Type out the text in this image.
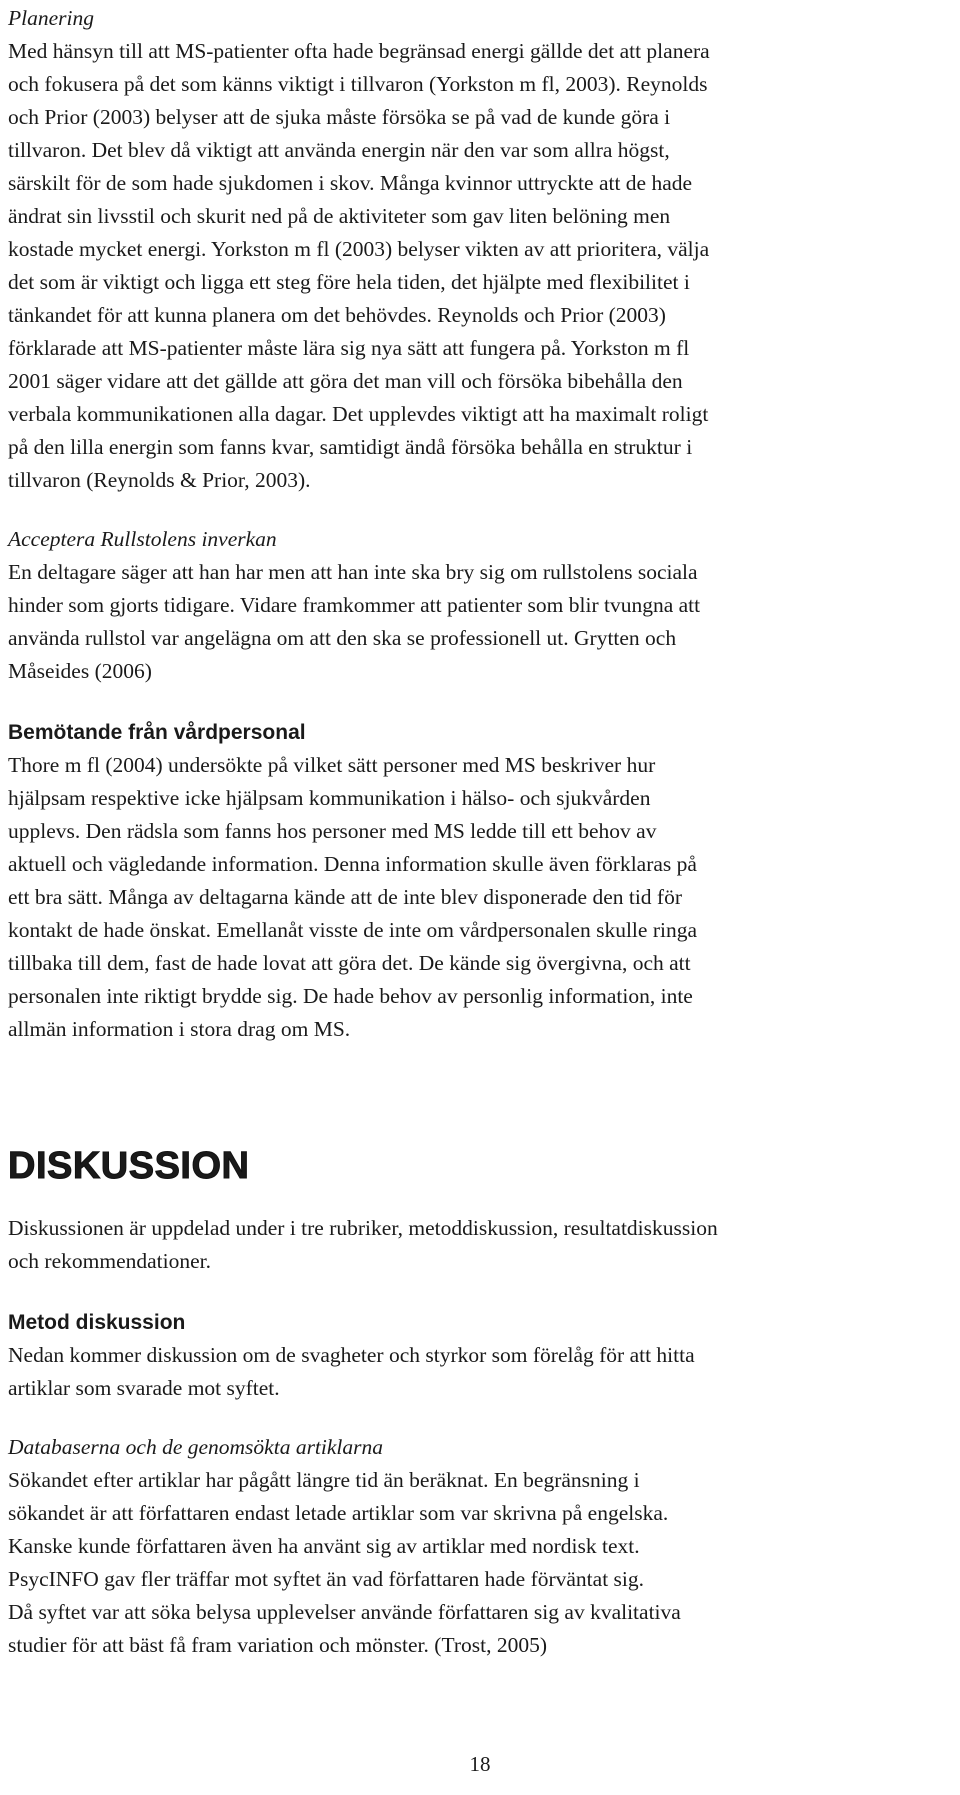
Planering

Med hänsyn till att MS-patienter ofta hade begränsad energi gällde det att planera
och fokusera på det som känns viktigt i tillvaron (Yorkston m fl, 2003). Reynolds
och Prior (2003) belyser att de sjuka måste försöka se på vad de kunde göra i
tillvaron. Det blev då viktigt att använda energin när den var som allra högst,
särskilt för de som hade sjukdomen i skov. Många kvinnor uttryckte att de hade
ändrat sin livsstil och skurit ned på de aktiviteter som gav liten belöning men
kostade mycket energi. Yorkston m fl (2003) belyser vikten av att prioritera, välja
det som är viktigt och ligga ett steg före hela tiden, det hjälpte med flexibilitet i
tänkandet för att kunna planera om det behövdes. Reynolds och Prior (2003)
förklarade att MS-patienter måste lära sig nya sätt att fungera på. Yorkston m fl
2001 säger vidare att det gällde att göra det man vill och försöka bibehålla den
verbala kommunikationen alla dagar. Det upplevdes viktigt att ha maximalt roligt
på den lilla energin som fanns kvar, samtidigt ändå försöka behålla en struktur i
tillvaron (Reynolds & Prior, 2003).

Acceptera Rullstolens inverkan

En deltagare säger att han har men att han inte ska bry sig om rullstolens sociala
hinder som gjorts tidigare. Vidare framkommer att patienter som blir tvungna att
använda rullstol var angelägna om att den ska se professionell ut. Grytten och
Måseides (2006)

Bemötande från vårdpersonal

Thore m fl (2004) undersökte på vilket sätt personer med MS beskriver hur
hjälpsam respektive icke hjälpsam kommunikation i hälso- och sjukvården
upplevs. Den rädsla som fanns hos personer med MS ledde till ett behov av
aktuell och vägledande information. Denna information skulle även förklaras på
ett bra sätt. Många av deltagarna kände att de inte blev disponerade den tid för
kontakt de hade önskat. Emellanåt visste de inte om vårdpersonalen skulle ringa
tillbaka till dem, fast de hade lovat att göra det. De kände sig övergivna, och att
personalen inte riktigt brydde sig. De hade behov av personlig information, inte
allmän information i stora drag om MS.

DISKUSSION

Diskussionen är uppdelad under i tre rubriker, metoddiskussion, resultatdiskussion
och rekommendationer.

Metod diskussion

Nedan kommer diskussion om de svagheter och styrkor som förelåg för att hitta
artiklar som svarade mot syftet.

Databaserna och de genomsökta artiklarna

Sökandet efter artiklar har pågått längre tid än beräknat. En begränsning i
sökandet är att författaren endast letade artiklar som var skrivna på engelska.
Kanske kunde författaren även ha använt sig av artiklar med nordisk text.
PsycINFO gav fler träffar mot syftet än vad författaren hade förväntat sig.
Då syftet var att söka belysa upplevelser använde författaren sig av kvalitativa
studier för att bäst få fram variation och mönster. (Trost, 2005)

18
